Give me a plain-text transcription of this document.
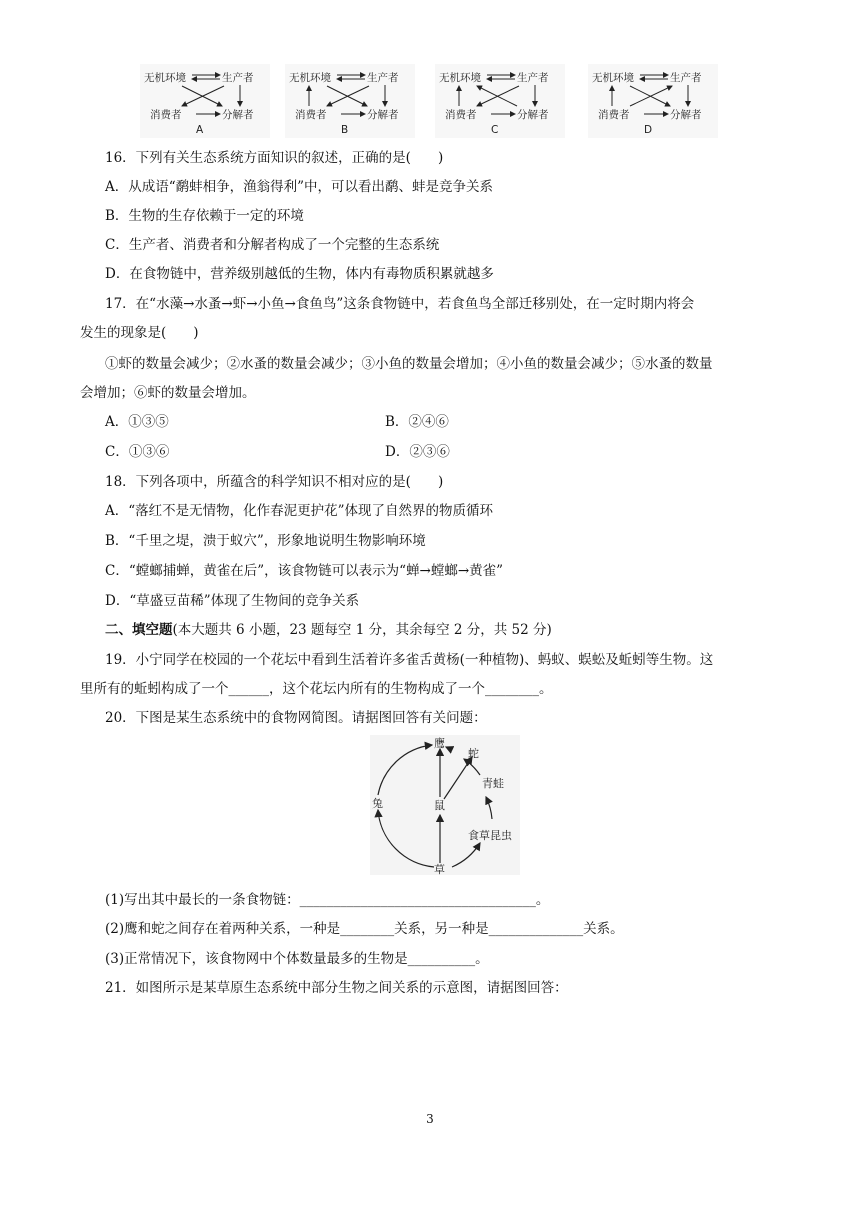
无机环境	生产者
消费者	分解者
A
无机环境	生产者
消费者	分解者
B
无机环境	生产者
消费者	分解者
C
无机环境	生产者
消费者	分解者
D
16．下列有关生态系统方面知识的叙述，正确的是(　　)
A．从成语“鹬蚌相争，渔翁得利”中，可以看出鹬、蚌是竞争关系
B．生物的生存依赖于一定的环境
C．生产者、消费者和分解者构成了一个完整的生态系统
D．在食物链中，营养级别越低的生物，体内有毒物质积累就越多
17．在“水藻→水蚤→虾→小鱼→食鱼鸟”这条食物链中，若食鱼鸟全部迁移别处，在一定时期内将会
发生的现象是(　　)
①虾的数量会减少；②水蚤的数量会减少；③小鱼的数量会增加；④小鱼的数量会减少；⑤水蚤的数量
会增加；⑥虾的数量会增加。
A．①③⑤	B．②④⑥
C．①③⑥	D．②③⑥
18．下列各项中，所蕴含的科学知识不相对应的是(　　)
A．“落红不是无情物，化作春泥更护花”体现了自然界的物质循环
B．“千里之堤，溃于蚁穴”，形象地说明生物影响环境
C．“螳螂捕蝉，黄雀在后”，该食物链可以表示为“蝉→螳螂→黄雀”
D．“草盛豆苗稀”体现了生物间的竞争关系
二、填空题(本大题共 6 小题，23 题每空 1 分，其余每空 2 分，共 52 分)
19．小宁同学在校园的一个花坛中看到生活着许多雀舌黄杨(一种植物)、蚂蚁、蜈蚣及蚯蚓等生物。这
里所有的蚯蚓构成了一个______，这个花坛内所有的生物构成了一个________。
20．下图是某生态系统中的食物网简图。请据图回答有关问题：
鹰
蛇
青蛙
兔	鼠
食草昆虫
草
(1)写出其中最长的一条食物链：___________________________________。
(2)鹰和蛇之间存在着两种关系，一种是________关系，另一种是______________关系。
(3)正常情况下，该食物网中个体数量最多的生物是__________。
21．如图所示是某草原生态系统中部分生物之间关系的示意图，请据图回答：
3
